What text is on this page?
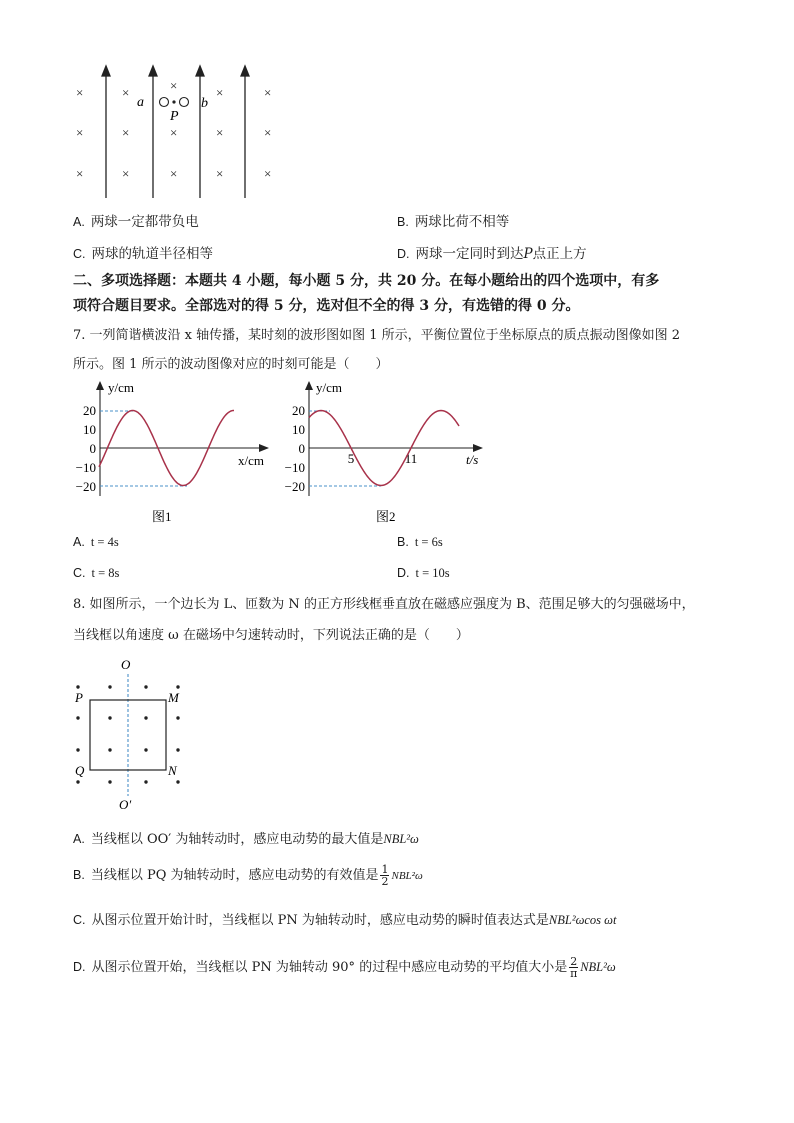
×	×	×	×	×
×	×	×	×	×
×	×	×	×	×
a	b
P
A. 两球一定都带负电	B. 两球比荷不相等
C. 两球的轨道半径相等	D. 两球一定同时到达P点正上方
二、多项选择题：本题共 4 小题，每小题 5 分，共 20 分。在每小题给出的四个选项中，有多
项符合题目要求。全部选对的得 5 分，选对但不全的得 3 分，有选错的得 0 分。
7. 一列简谐横波沿 x 轴传播，某时刻的波形图如图 1 所示，平衡位置位于坐标原点的质点振动图像如图 2
所示。图 1 所示的波动图像对应的时刻可能是（　　）
y/cm
x/cm
20
10
0
−10
−20
图1
y/cm
t/s
20
10
0
−10
−20
5	11
图2
A. t = 4s	B. t = 6s
C. t = 8s	D. t = 10s
8. 如图所示，一个边长为 L、匝数为 N 的正方形线框垂直放在磁感应强度为 B、范围足够大的匀强磁场中，
当线框以角速度 ω 在磁场中匀速转动时，下列说法正确的是（　　）
O
O′
P	M
Q	N
A. 当线框以 OO′ 为轴转动时，感应电动势的最大值是NBL²ω
B. 当线框以 PQ 为轴转动时，感应电动势的有效值是 $\frac{1}{2} NBL^2\omega$
C. 从图示位置开始计时，当线框以 PN 为轴转动时，感应电动势的瞬时值表达式是NBL²ωcos ωt
D. 从图示位置开始，当线框以 PN 为轴转动 90° 的过程中感应电动势的平均值大小是 $\frac{2}{\pi} NBL^2\omega$
